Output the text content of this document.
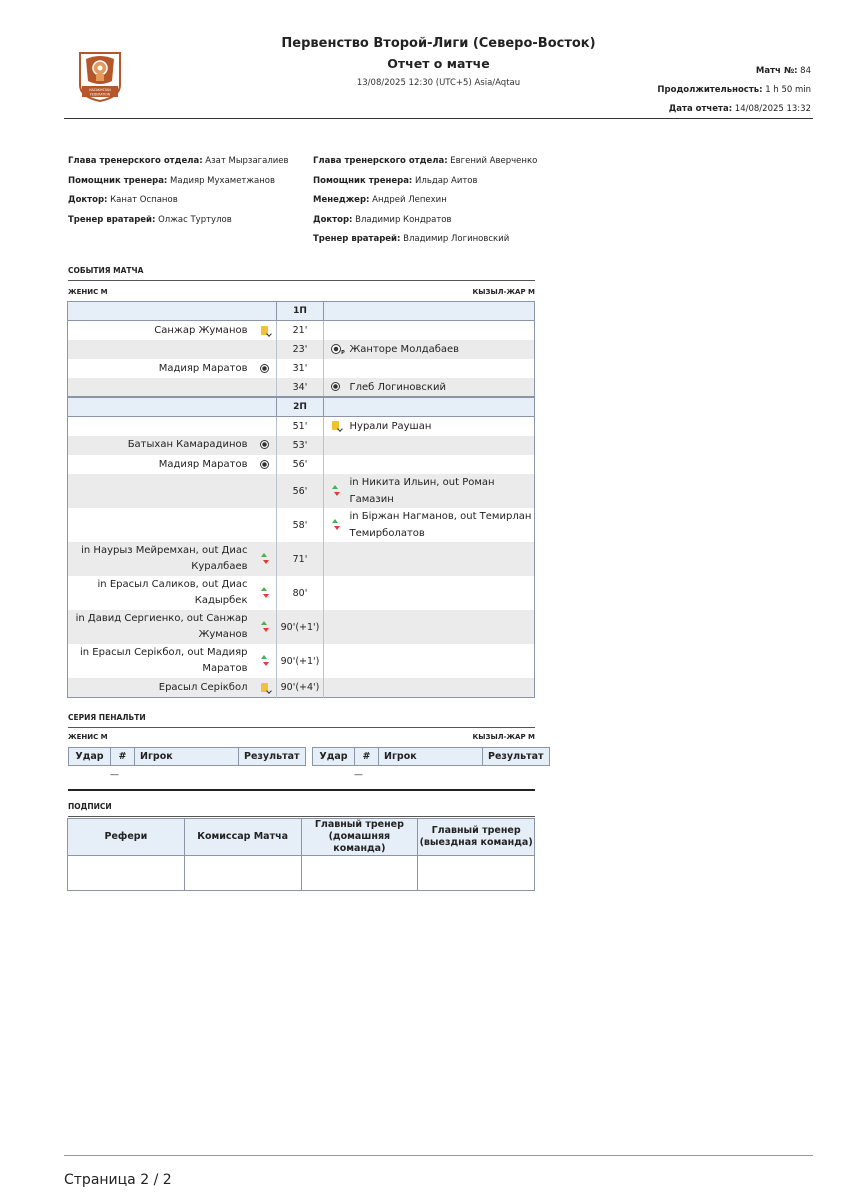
KAZAKHSTAN
FEDERATION
Первенство Второй-Лиги (Северо-Восток)
Отчет о матче
13/08/2025 12:30 (UTC+5) Asia/Aqtau
Матч №: 84
Продолжительность: 1 h 50 min
Дата отчета: 14/08/2025 13:32
Глава тренерского отдела: Азат Мырзагалиев
Помощник тренера: Мадияр Мухаметжанов
Доктор: Канат Оспанов
Тренер вратарей: Олжас Туртулов
Глава тренерского отдела: Евгений Аверченко
Помощник тренера: Ильдар Аитов
Менеджер: Андрей Лепехин
Доктор: Владимир Кондратов
Тренер вратарей: Владимир Логиновский
СОБЫТИЯ МАТЧА
ЖЕНИС М	КЫЗЫЛ-ЖАР М
		1П		
Санжар Жуманов		21'		
		23'	P	Жанторе Молдабаев
Мадияр Маратов		31'		
		34'		Глеб Логиновский
		2П		
		51'		Нурали Раушан
Батыхан Камарадинов		53'		
Мадияр Маратов		56'		
		56'		in Никита Ильин, out Роман Гамазин
		58'		in Біржан Нагманов, out Темирлан Темирболатов
in Наурыз Мейремхан, out Диас Куралбаев		71'		
in Ерасыл Саликов, out Диас Кадырбек		80'		
in Давид Сергиенко, out Санжар Жуманов		90'(+1')		
in Ерасыл Серікбол, out Мадияр Маратов		90'(+1')		
Ерасыл Серікбол		90'(+4')		
СЕРИЯ ПЕНАЛЬТИ
ЖЕНИС М	КЫЗЫЛ-ЖАР М
Удар	#	Игрок	Результат Удар	#	Игрок	Результат
—	—
ПОДПИСИ
Рефери	Комиссар Матча	Главный тренер (домашняя команда)	Главный тренер (выездная команда)

Страница 2 / 2
